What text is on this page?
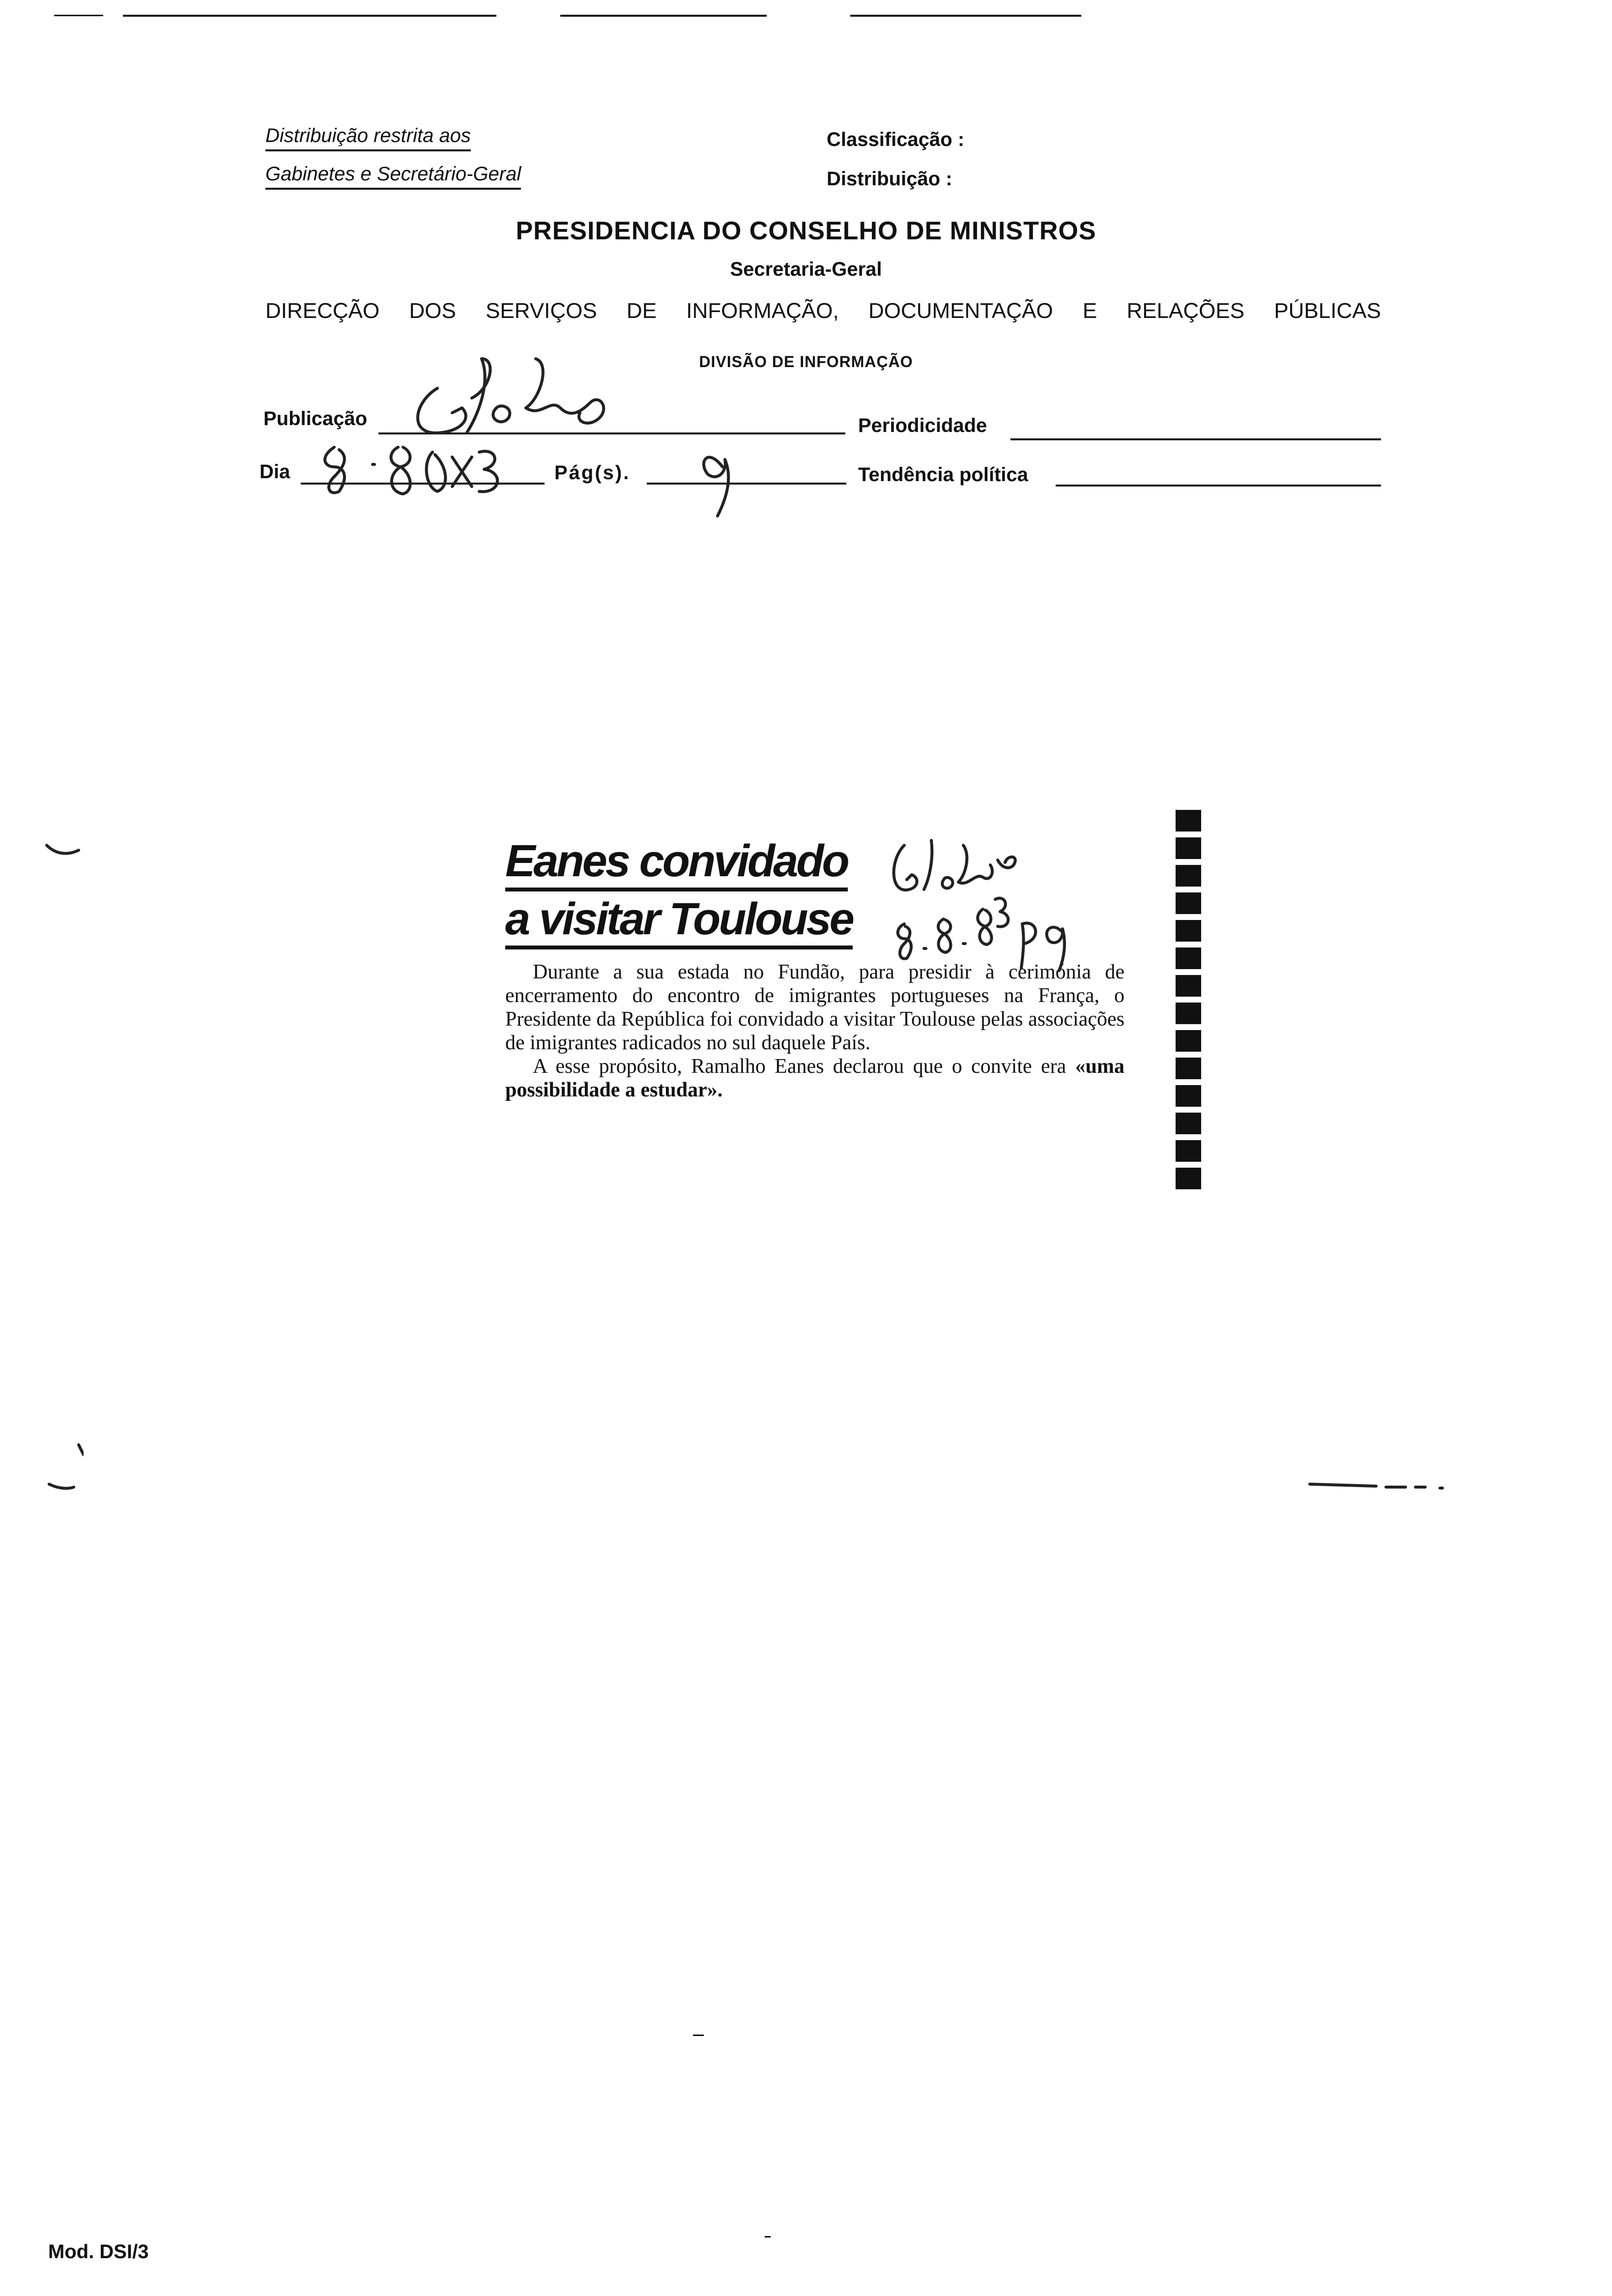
Distribuição restrita aos
Gabinetes e Secretário-Geral
Classificação :
Distribuição :
PRESIDENCIA DO CONSELHO DE MINISTROS
Secretaria-Geral
DIRECÇÃO DOS SERVIÇOS DE INFORMAÇÃO, DOCUMENTAÇÃO E RELAÇÕES PÚBLICAS
DIVISÃO DE INFORMAÇÃO
Publicação	Periodicidade
Dia	Pág(s).	Tendência política
Eanes convidado
a visitar Toulouse

Durante a sua estada no Fundão, para presidir à cerimónia de encerramento do encontro de imigrantes portugueses na França, o Presidente da República foi convidado a visitar Toulouse pelas associações de imigrantes radicados no sul daquele País.

A esse propósito, Ramalho Eanes declarou que o convite era «uma possibilidade a estudar».

Mod. DSI/3
